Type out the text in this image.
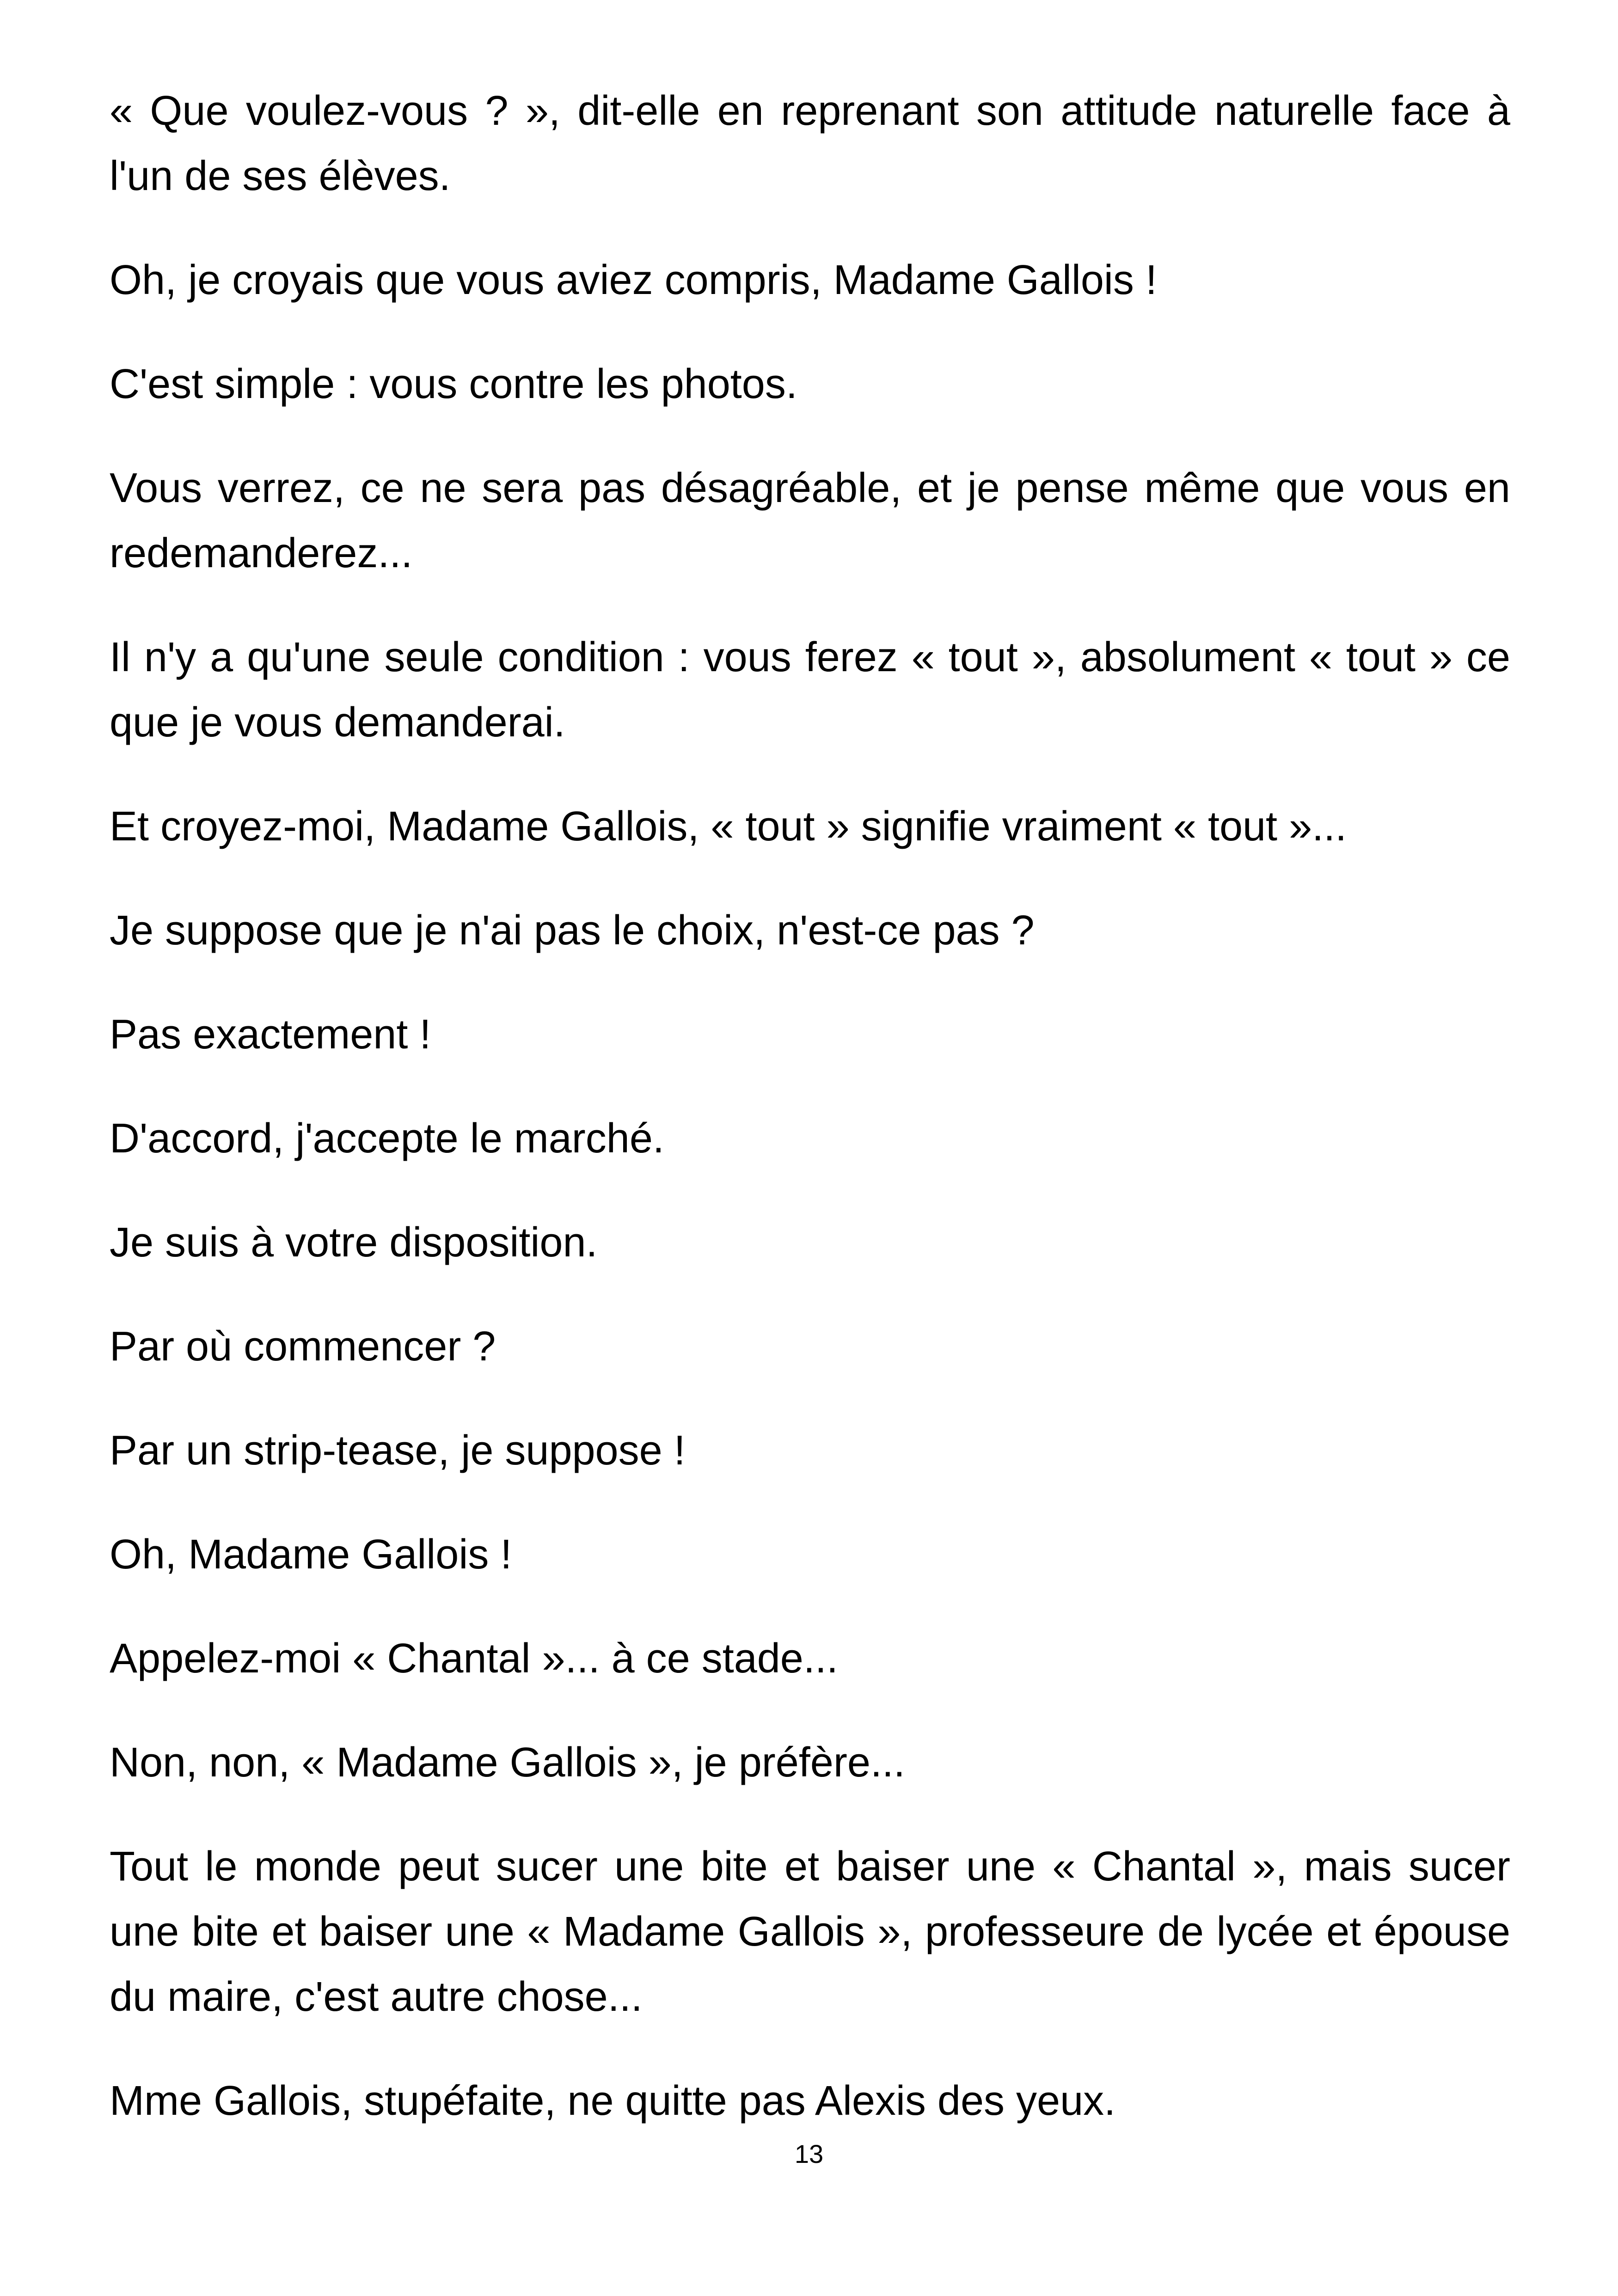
« Que voulez-vous ? », dit-elle en reprenant son attitude naturelle face à l'un de ses élèves.

Oh, je croyais que vous aviez compris, Madame Gallois !

C'est simple : vous contre les photos.

Vous verrez, ce ne sera pas désagréable, et je pense même que vous en redemanderez...

Il n'y a qu'une seule condition : vous ferez « tout », absolument « tout » ce que je vous demanderai.

Et croyez-moi, Madame Gallois, « tout » signifie vraiment « tout »...

Je suppose que je n'ai pas le choix, n'est-ce pas ?

Pas exactement !

D'accord, j'accepte le marché.

Je suis à votre disposition.

Par où commencer ?

Par un strip-tease, je suppose !

Oh, Madame Gallois !

Appelez-moi « Chantal »... à ce stade...

Non, non, « Madame Gallois », je préfère...

Tout le monde peut sucer une bite et baiser une « Chantal », mais sucer une bite et baiser une « Madame Gallois », professeure de lycée et épouse du maire, c'est autre chose...

Mme Gallois, stupéfaite, ne quitte pas Alexis des yeux.

13
